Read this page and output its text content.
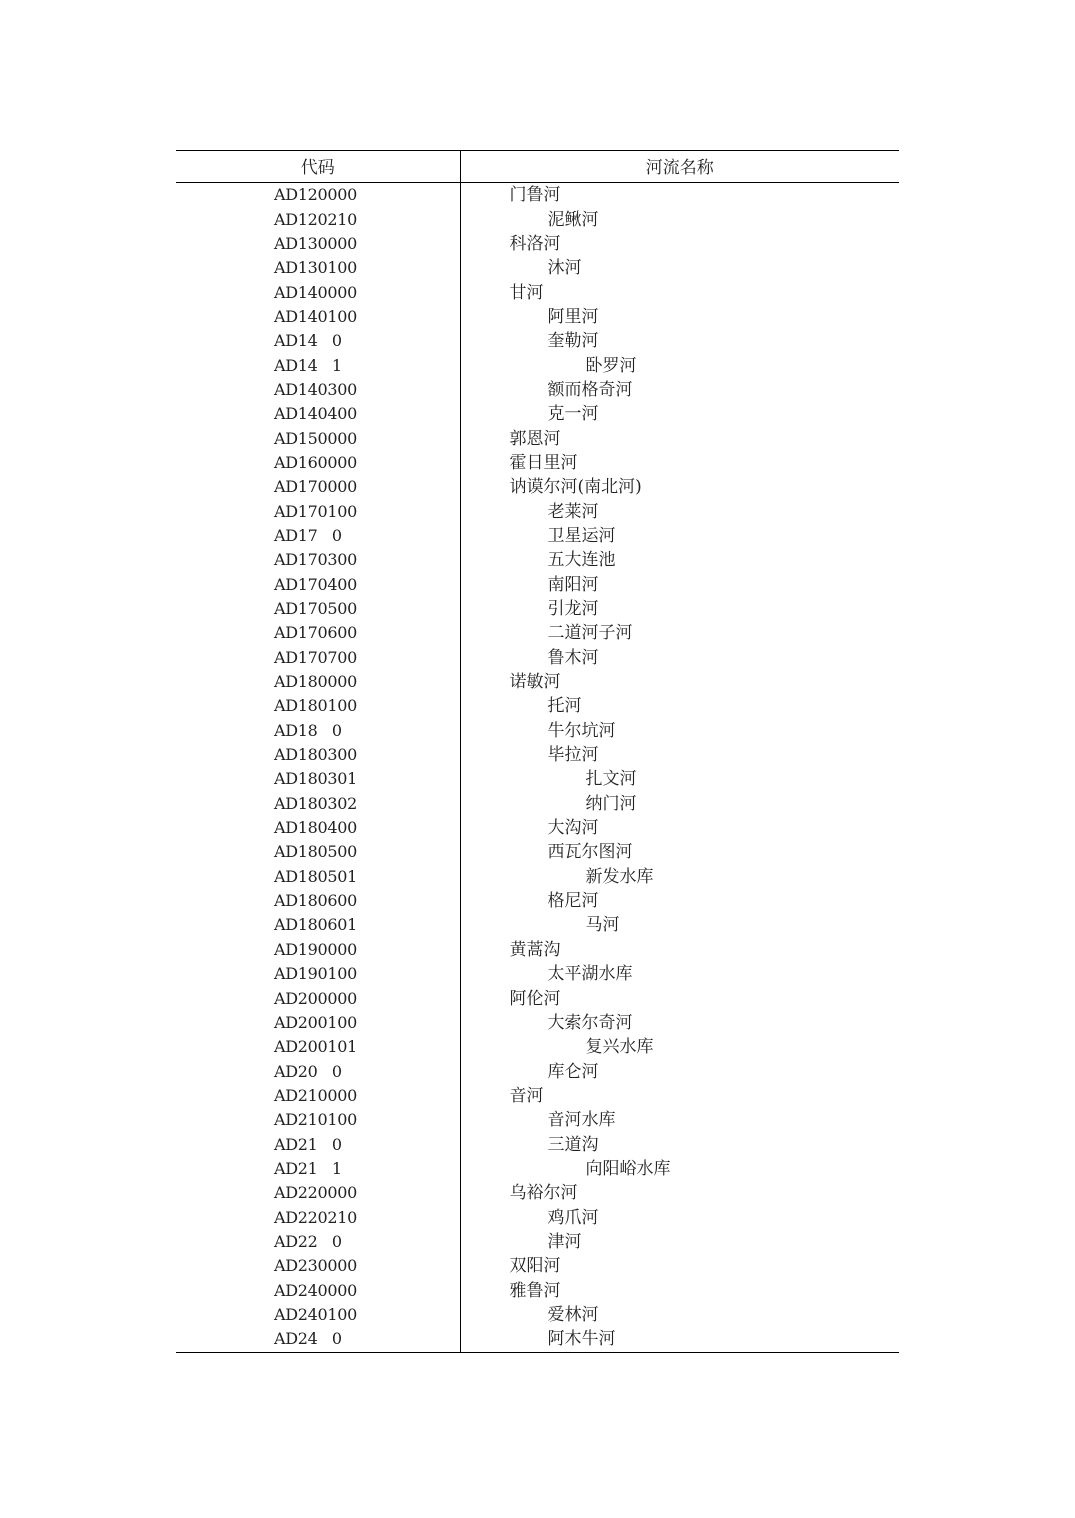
代码	河流名称
AD120000	门鲁河

AD120210	泥鳅河

AD130000	科洛河

AD130100	沐河

AD140000	甘河

AD140100	阿里河

AD14   0	奎勒河

AD14   1	卧罗河

AD140300	额而格奇河

AD140400	克一河

AD150000	郭恩河

AD160000	霍日里河

AD170000	讷谟尔河(南北河)

AD170100	老莱河

AD17   0	卫星运河

AD170300	五大连池

AD170400	南阳河

AD170500	引龙河

AD170600	二道河子河

AD170700	鲁木河

AD180000	诺敏河

AD180100	托河

AD18   0	牛尔坑河

AD180300	毕拉河

AD180301	扎文河

AD180302	纳门河

AD180400	大沟河

AD180500	西瓦尔图河

AD180501	新发水库

AD180600	格尼河

AD180601	马河

AD190000	黄蒿沟

AD190100	太平湖水库

AD200000	阿伦河

AD200100	大索尔奇河

AD200101	复兴水库

AD20   0	库仑河

AD210000	音河

AD210100	音河水库

AD21   0	三道沟

AD21   1	向阳峪水库

AD220000	乌裕尔河

AD220210	鸡爪河

AD22   0	津河

AD230000	双阳河

AD240000	雅鲁河

AD240100	爱林河

AD24   0	阿木牛河
